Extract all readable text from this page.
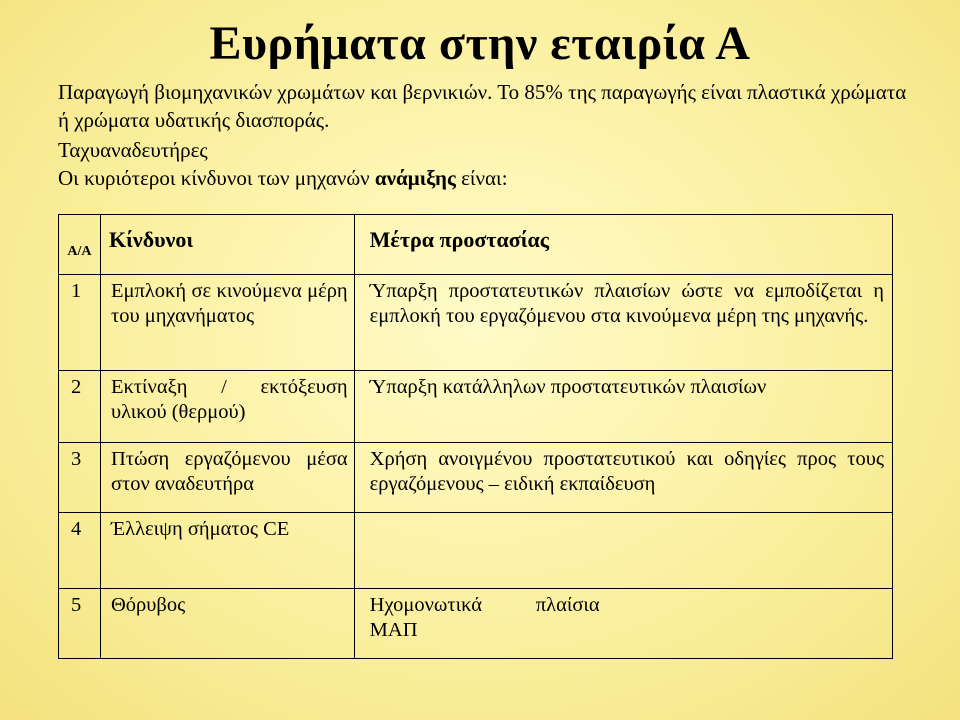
Ευρήματα στην εταιρία Α

Παραγωγή βιομηχανικών χρωμάτων και βερνικιών. Το 85% της παραγωγής είναι πλαστικά χρώματα ή χρώματα υδατικής διασποράς.

Ταχυαναδευτήρες

Οι κυριότεροι κίνδυνοι των μηχανών ανάμιξης είναι:

Α/Α	Κίνδυνοι	Μέτρα προστασίας

1	Εμπλοκή σε κινούμενα μέρη του μηχανήματος	Ύπαρξη προστατευτικών πλαισίων ώστε να εμποδίζεται η εμπλοκή του εργαζόμενου στα κινούμενα μέρη της μηχανής.

2	Εκτίναξη / εκτόξευση υλικού (θερμού)	Ύπαρξη κατάλληλων προστατευτικών πλαισίων

3	Πτώση εργαζόμενου μέσα στον αναδευτήρα	Χρήση ανοιγμένου προστατευτικού και οδηγίες προς τους εργαζόμενους – ειδική εκπαίδευση

4	Έλλειψη σήματος CE	

5	Θόρυβος	Ηχομονωτικά πλαίσια ΜΑΠ
